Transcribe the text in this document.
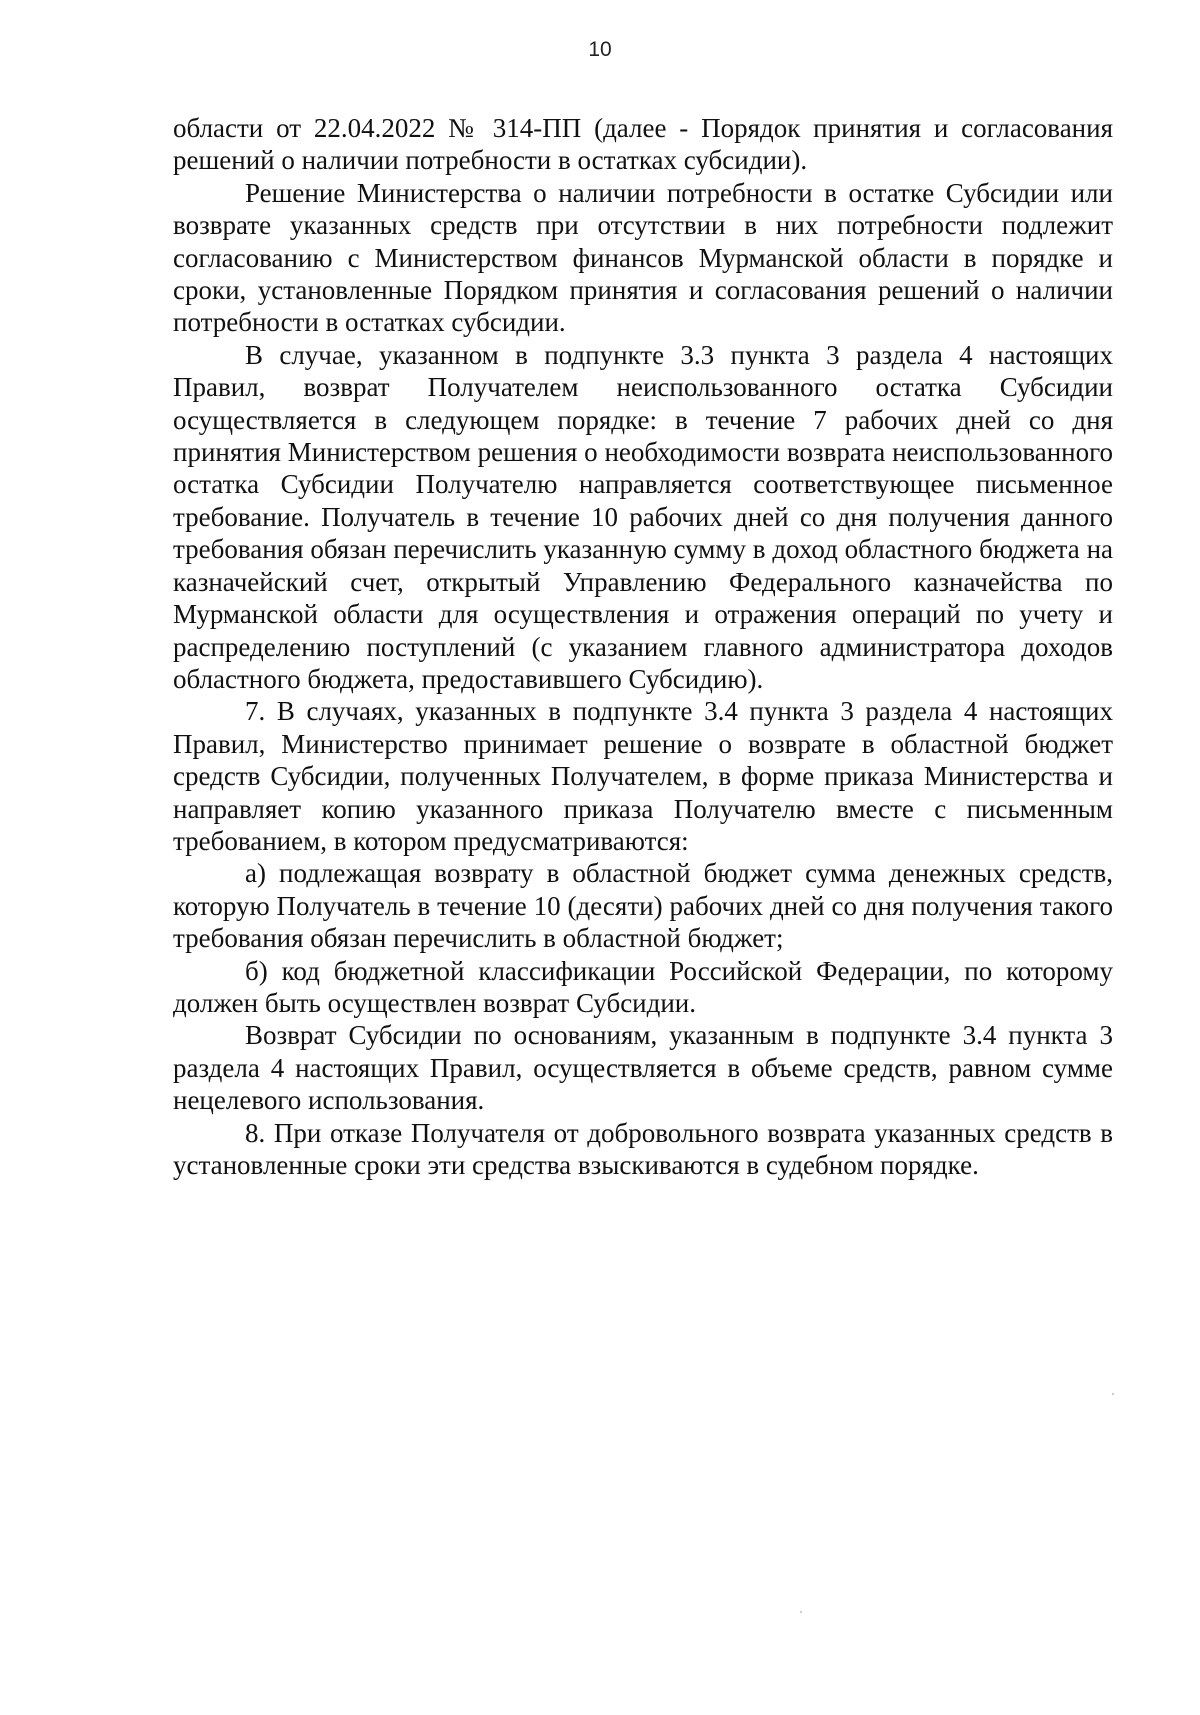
10

области от 22.04.2022 № 314-ПП (далее - Порядок принятия и согласования решений о наличии потребности в остатках субсидии).

Решение Министерства о наличии потребности в остатке Субсидии или возврате указанных средств при отсутствии в них потребности подлежит согласованию с Министерством финансов Мурманской области в порядке и сроки, установленные Порядком принятия и согласования решений о наличии потребности в остатках субсидии.

В случае, указанном в подпункте 3.3 пункта 3 раздела 4 настоящих Правил, возврат Получателем неиспользованного остатка Субсидии осуществляется в следующем порядке: в течение 7 рабочих дней со дня принятия Министерством решения о необходимости возврата неиспользованного остатка Субсидии Получателю направляется соответствующее письменное требование. Получатель в течение 10 рабочих дней со дня получения данного требования обязан перечислить указанную сумму в доход областного бюджета на казначейский счет, открытый Управлению Федерального казначейства по Мурманской области для осуществления и отражения операций по учету и распределению поступлений (с указанием главного администратора доходов областного бюджета, предоставившего Субсидию).

7. В случаях, указанных в подпункте 3.4 пункта 3 раздела 4 настоящих Правил, Министерство принимает решение о возврате в областной бюджет средств Субсидии, полученных Получателем, в форме приказа Министерства и направляет копию указанного приказа Получателю вместе с письменным требованием, в котором предусматриваются:

а) подлежащая возврату в областной бюджет сумма денежных средств, которую Получатель в течение 10 (десяти) рабочих дней со дня получения такого требования обязан перечислить в областной бюджет;

б) код бюджетной классификации Российской Федерации, по которому должен быть осуществлен возврат Субсидии.

Возврат Субсидии по основаниям, указанным в подпункте 3.4 пункта 3 раздела 4 настоящих Правил, осуществляется в объеме средств, равном сумме нецелевого использования.

8. При отказе Получателя от добровольного возврата указанных средств в установленные сроки эти средства взыскиваются в судебном порядке.
